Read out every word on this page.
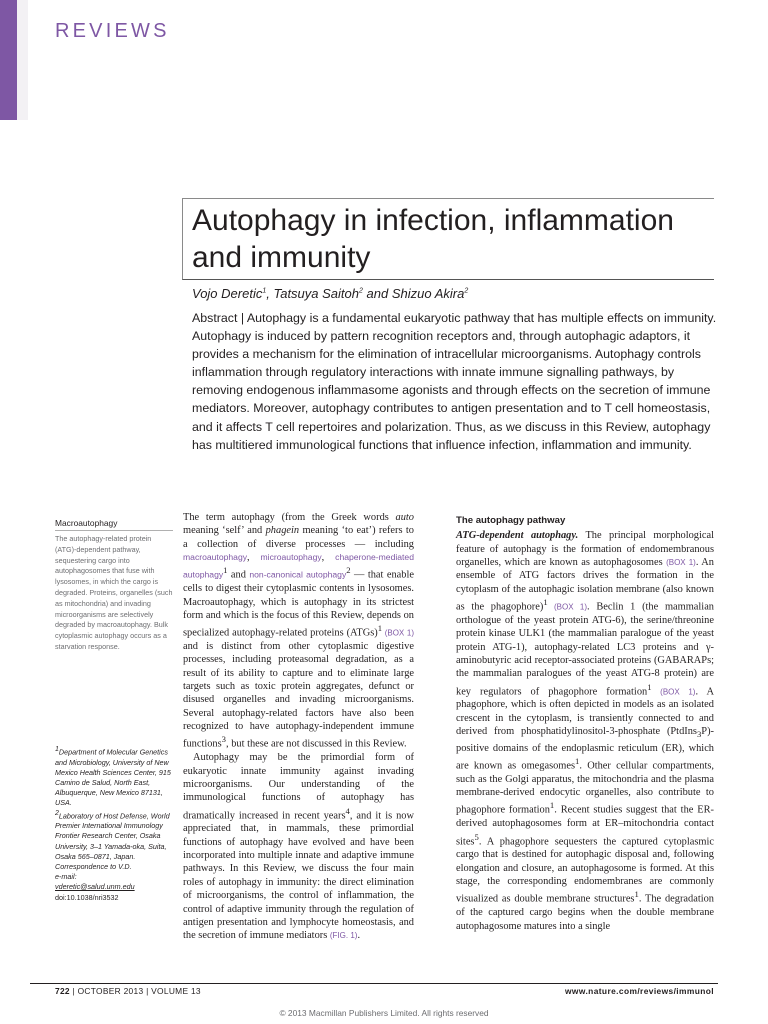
REVIEWS
Autophagy in infection, inflammation and immunity
Vojo Deretic$^1$, Tatsuya Saitoh$^2$ and Shizuo Akira$^2$

Abstract | Autophagy is a fundamental eukaryotic pathway that has multiple effects on immunity. Autophagy is induced by pattern recognition receptors and, through autophagic adaptors, it provides a mechanism for the elimination of intracellular microorganisms. Autophagy controls inflammation through regulatory interactions with innate immune signalling pathways, by removing endogenous inflammasome agonists and through effects on the secretion of immune mediators. Moreover, autophagy contributes to antigen presentation and to T cell homeostasis, and it affects T cell repertoires and polarization. Thus, as we discuss in this Review, autophagy has multitiered immunological functions that influence infection, inflammation and immunity.

Macroautophagy

The autophagy-related protein (ATG)-dependent pathway, sequestering cargo into autophagosomes that fuse with lysosomes, in which the cargo is degraded. Proteins, organelles (such as mitochondria) and invading microorganisms are selectively degraded by macroautophagy. Bulk cytoplasmic autophagy occurs as a starvation response.

$^1$Department of Molecular Genetics and Microbiology, University of New Mexico Health Sciences Center, 915 Camino de Salud, North East, Albuquerque, New Mexico 87131, USA.

$^2$Laboratory of Host Defense, World Premier International Immunology Frontier Research Center, Osaka University, 3–1 Yamada-oka, Suita, Osaka 565–0871, Japan.

Correspondence to V.D.

e-mail:

vderetic@salud.unm.edu

doi:10.1038/nri3532

The term autophagy (from the Greek words auto meaning ‘self’ and phagein meaning ‘to eat’) refers to a collection of diverse processes — including macroautophagy, microautophagy, chaperone-mediated autophagy$^1$ and non-canonical autophagy$^2$ — that enable cells to digest their cytoplasmic contents in lysosomes. Macroautophagy, which is autophagy in its strictest form and which is the focus of this Review, depends on specialized autophagy-related proteins (ATGs)$^1$ (BOX 1) and is distinct from other cytoplasmic digestive processes, including proteasomal degradation, as a result of its ability to capture and to eliminate large targets such as toxic protein aggregates, defunct or disused organelles and invading microorganisms. Several autophagy-related factors have also been recognized to have autophagy-independent immune functions$^3$, but these are not discussed in this Review.

Autophagy may be the primordial form of eukaryotic innate immunity against invading microorganisms. Our understanding of the immunological functions of autophagy has dramatically increased in recent years$^4$, and it is now appreciated that, in mammals, these primordial functions of autophagy have evolved and have been incorporated into multiple innate and adaptive immune pathways. In this Review, we discuss the four main roles of autophagy in immunity: the direct elimination of microorganisms, the control of inflammation, the control of adaptive immunity through the regulation of antigen presentation and lymphocyte homeostasis, and the secretion of immune mediators (FIG. 1).

The autophagy pathway

ATG-dependent autophagy. The principal morphological feature of autophagy is the formation of endomembranous organelles, which are known as autophagosomes (BOX 1). An ensemble of ATG factors drives the formation in the cytoplasm of the autophagic isolation membrane (also known as the phagophore)$^1$ (BOX 1). Beclin 1 (the mammalian orthologue of the yeast protein ATG-6), the serine/threonine protein kinase ULK1 (the mammalian paralogue of the yeast protein ATG-1), autophagy-related LC3 proteins and γ-aminobutyric acid receptor-associated proteins (GABARAPs; the mammalian paralogues of the yeast ATG-8 protein) are key regulators of phagophore formation$^1$ (BOX 1). A phagophore, which is often depicted in models as an isolated crescent in the cytoplasm, is transiently connected to and derived from phosphatidylinositol-3-phosphate (PtdIns$_3$P)-positive domains of the endoplasmic reticulum (ER), which are known as omegasomes$^1$. Other cellular compartments, such as the Golgi apparatus, the mitochondria and the plasma membrane-derived endocytic organelles, also contribute to phagophore formation$^1$. Recent studies suggest that the ER-derived autophagosomes form at ER–mitochondria contact sites$^5$. A phagophore sequesters the captured cytoplasmic cargo that is destined for autophagic disposal and, following elongation and closure, an autophagosome is formed. At this stage, the corresponding endomembranes are commonly visualized as double membrane structures$^1$. The degradation of the captured cargo begins when the double membrane autophagosome matures into a single

722 | OCTOBER 2013 | VOLUME 13	www.nature.com/reviews/immunol
© 2013 Macmillan Publishers Limited. All rights reserved
